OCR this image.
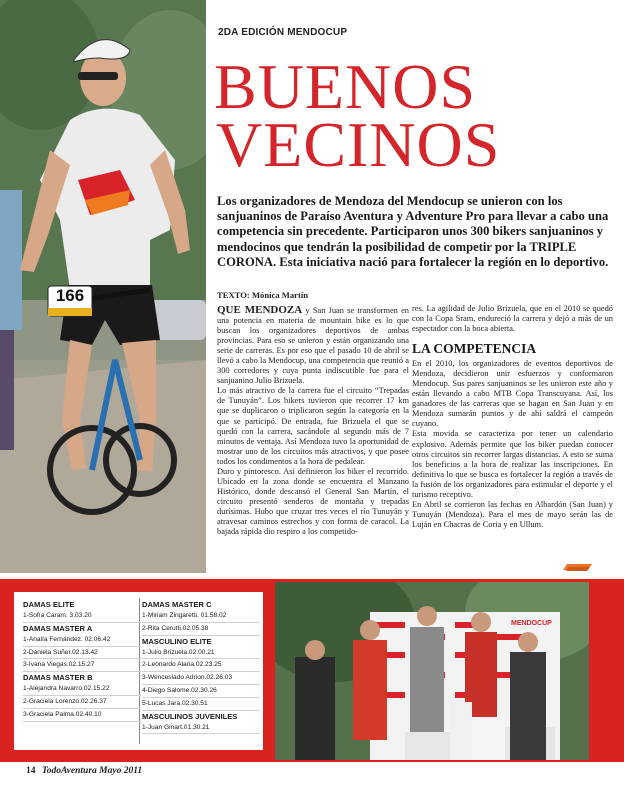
166
2DA EDICIÓN MENDOCUP
BUENOS
VECINOS
Los organizadores de Mendoza del Mendocup se unieron con los sanjuaninos de Paraíso Aventura y Adventure Pro para llevar a cabo una competencia sin precedente. Participaron unos 300 bikers sanjuaninos y mendocinos que tendrán la posibilidad de competir por la TRIPLE CORONA. Esta iniciativa nació para fortalecer la región en lo deportivo.
TEXTO: Mónica Martín

QUE MENDOZA y San Juan se transformen en una potencia en materia de mountain bike es lo que buscan los organizadores deportivos de ambas provincias. Para eso se unieron y están organizando una serie de carreras. Es por eso que el pasado 10 de abril se llevó a cabo la Mendocup, una competencia que reunió a 300 corredores y cuya punta indiscutible fue para el sanjuanino Julio Brizuela.

Lo más atractivo de la carrera fue el circuito “Trepadas de Tunuyán”. Los bikers tuvieron que recorrer 17 km que se duplicaron o triplicaron según la categoría en la que se participó. De entrada, fue Brizuela el que se quedó con la carrera, sacándole al segundo más de 7 minutos de ventaja. Así Mendoza tuvo la oportunidad de mostrar uno de los circuitos más atractivos, y que posee todos los condimentos a la hora de pedalear.

Duro y pintoresco. Así definieron los biker el recorrido. Ubicado en la zona donde se encuentra el Manzano Histórico, donde descansó el General San Martín, el circuito presentó senderos de montaña y trepadas durísimas. Hubo que cruzar tres veces el río Tunuyán y atravesar caminos estrechos y con forma de caracol. La bajada rápida dio respiro a los competido-

res. La agilidad de Julio Brizuela, que en el 2010 se quedó con la Copa Sram, endureció la carrera y dejó a más de un espectador con la boca abierta.

LA COMPETENCIA

En el 2010, los organizadores de eventos deportivos de Mendoza, decidieron unir esfuerzos y conformaron Mendocup. Sus pares sanjuaninos se les unieron este año y están llevando a cabo MTB Copa Transcuyana. Así, los ganadores de las carreras que se hagan en San Juan y en Mendoza sumarán puntos y de ahí saldrá el campeón cuyano.

Esta movida se caracteriza por tener un calendario explosivo. Además permite que los biker puedan conocer otros circuitos sin recorrer largas distancias. A esto se suma los beneficios a la hora de realizar las inscripciones. En definitiva lo que se busca es fortalecer la región a través de la fusión de los organizadores para estimular el deporte y el turismo receptivo.

En Abril se corrieron las fechas en Albardón (San Juan) y Tunuyán (Mendoza). Para el mes de mayo serán las de Luján en Chacras de Coria y en Ullum.

DAMAS ELITE
1-Sofía Caram. 3.03.20
DAMAS MASTER A
1-Analía Fernández. 02.06.42
2-Daniela Suñer.02.13.42
3-Ivana Viegas.02.15.27
DAMAS MASTER B
1-Alejandra Navarro.02.15.22
2-Graciela Lorenzo.02.26.37
3-Graciela Palma.02.40.10
DAMAS MASTER C
1-Miriam Zingaretti. 01.58.02
2-Rita Cerutti.02.05.38
MASCULINO ELITE
1-Julio Brizuela.02.00.21
2-Leonardo Alaria.02.23.25
3-Wenceslado Adrion.02.26.03
4-Diego Salome.02.30.26
5-Lucas Jara.02.30.51
MASCULINOS JUVENILES
1-Juan Ginart.01.30.21
MENDOCUP
14 TodoAventura Mayo 2011
